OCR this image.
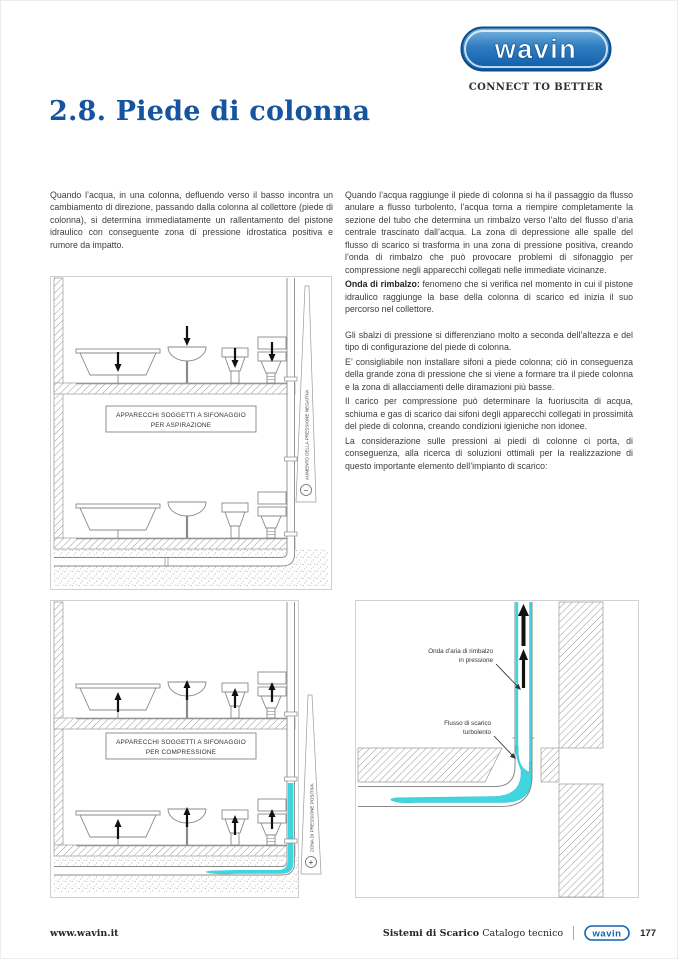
wavin
CONNECT TO BETTER
2.8. Piede di colonna

Quando l’acqua, in una colonna, defluendo verso il basso incontra un cambiamento di direzione, passando dalla colonna al collettore (piede di colonna), si determina immediatamente un rallentamento del pistone idraulico con conseguente zona di pressione idrostatica positiva e rumore da impatto.

Quando l’acqua raggiunge il piede di colonna si ha il passaggio da flusso anulare a flusso turbolento, l’acqua torna a riempire completamente la sezione del tubo che determina un rimbalzo verso l’alto del flusso d’aria centrale trascinato dall’acqua. La zona di depressione alle spalle del flusso di scarico si trasforma in una zona di pressione positiva, creando l’onda di rimbalzo che può provocare problemi di sifonaggio per compressione negli apparecchi collegati nelle immediate vicinanze.

Onda di rimbalzo: fenomeno che si verifica nel momento in cui il pistone idraulico raggiunge la base della colonna di scarico ed inizia il suo percorso nel collettore.

Gli sbalzi di pressione si differenziano molto a seconda dell’altezza e del tipo di configurazione del piede di colonna.

E’ consigliabile non installare sifoni a piede colonna; ciò in conseguenza della grande zona di pressione che si viene a formare tra il piede colonna e la zona di allacciamenti delle diramazioni più basse.

Il carico per compressione può determinare la fuoriuscita di acqua, schiuma e gas di scarico dai sifoni degli apparecchi collegati in prossimità del piede di colonna, creando condizioni igieniche non idonee.

La considerazione sulle pressioni ai piedi di colonne ci porta, di conseguenza, alla ricerca di soluzioni ottimali per la realizzazione di questo importante elemento dell’impianto di scarico:

APPARECCHI SOGGETTI A SIFONAGGIO
PER ASPIRAZIONE	AUMENTO DELLA PRESSIONE NEGATIVA
−
APPARECCHI SOGGETTI A SIFONAGGIO
PER COMPRESSIONE
ZONA DI PRESSIONE POSITIVA
+
Onda d’aria di rimbalzo
in pressione
Flusso di scarico
turbolento
www.wavin.it	Sistemi di Scarico Catalogo tecnico	wavin 177
